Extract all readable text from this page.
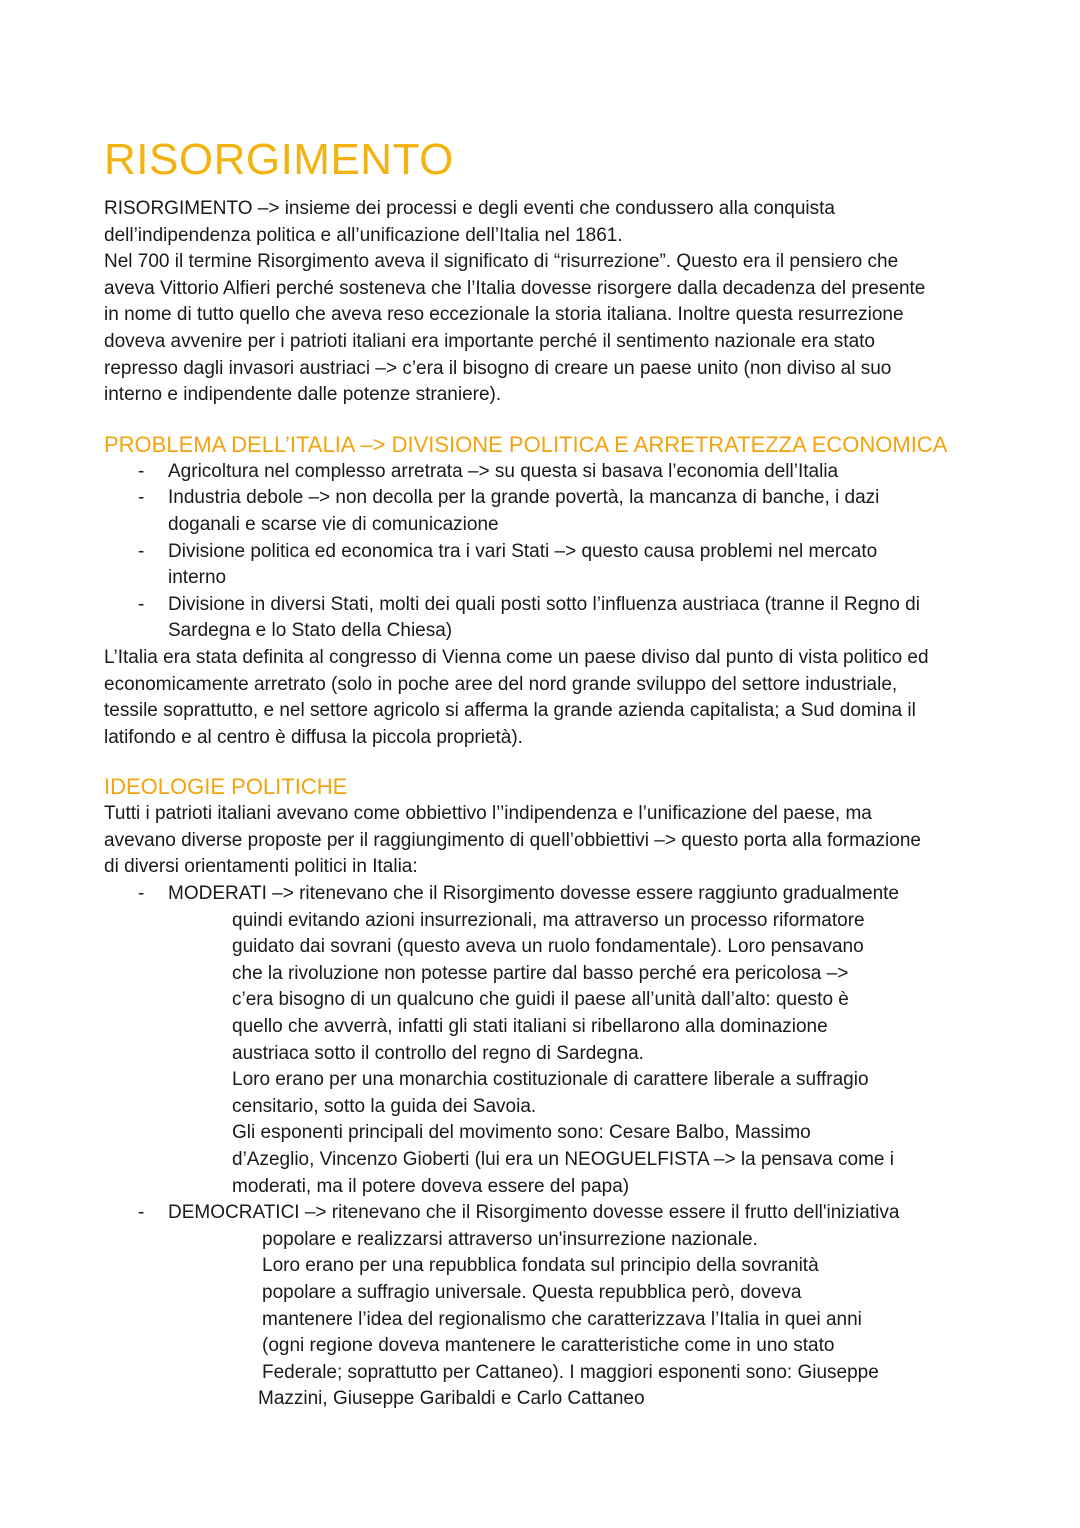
RISORGIMENTO

RISORGIMENTO –> insieme dei processi e degli eventi che condussero alla conquista

dell’indipendenza politica e all’unificazione dell’Italia nel 1861.

Nel 700 il termine Risorgimento aveva il significato di “risurrezione”. Questo era il pensiero che

aveva Vittorio Alfieri perché sosteneva che l’Italia dovesse risorgere dalla decadenza del presente

in nome di tutto quello che aveva reso eccezionale la storia italiana. Inoltre questa resurrezione

doveva avvenire per i patrioti italiani era importante perché il sentimento nazionale era stato

represso dagli invasori austriaci –> c’era il bisogno di creare un paese unito (non diviso al suo

interno e indipendente dalle potenze straniere).

PROBLEMA DELL’ITALIA –> DIVISIONE POLITICA E ARRETRATEZZA ECONOMICA
- Agricoltura nel complesso arretrata –> su questa si basava l’economia dell’Italia
- Industria debole –> non decolla per la grande povertà, la mancanza di banche, i dazi
doganali e scarse vie di comunicazione
- Divisione politica ed economica tra i vari Stati –> questo causa problemi nel mercato
interno
- Divisione in diversi Stati, molti dei quali posti sotto l’influenza austriaca (tranne il Regno di
Sardegna e lo Stato della Chiesa)

L’Italia era stata definita al congresso di Vienna come un paese diviso dal punto di vista politico ed

economicamente arretrato (solo in poche aree del nord grande sviluppo del settore industriale,

tessile soprattutto, e nel settore agricolo si afferma la grande azienda capitalista; a Sud domina il

latifondo e al centro è diffusa la piccola proprietà).

IDEOLOGIE POLITICHE

Tutti i patrioti italiani avevano come obbiettivo l’’indipendenza e l’unificazione del paese, ma

avevano diverse proposte per il raggiungimento di quell’obbiettivi –> questo porta alla formazione

di diversi orientamenti politici in Italia:

- MODERATI –> ritenevano che il Risorgimento dovesse essere raggiunto gradualmente
quindi evitando azioni insurrezionali, ma attraverso un processo riformatore
guidato dai sovrani (questo aveva un ruolo fondamentale). Loro pensavano
che la rivoluzione non potesse partire dal basso perché era pericolosa –>
c’era bisogno di un qualcuno che guidi il paese all’unità dall’alto: questo è
quello che avverrà, infatti gli stati italiani si ribellarono alla dominazione
austriaca sotto il controllo del regno di Sardegna.
Loro erano per una monarchia costituzionale di carattere liberale a suffragio
censitario, sotto la guida dei Savoia.
Gli esponenti principali del movimento sono: Cesare Balbo, Massimo
d’Azeglio, Vincenzo Gioberti (lui era un NEOGUELFISTA –> la pensava come i
moderati, ma il potere doveva essere del papa)
- DEMOCRATICI –> ritenevano che il Risorgimento dovesse essere il frutto dell'iniziativa
popolare e realizzarsi attraverso un'insurrezione nazionale.
Loro erano per una repubblica fondata sul principio della sovranità
popolare a suffragio universale. Questa repubblica però, doveva
mantenere l’idea del regionalismo che caratterizzava l’Italia in quei anni
(ogni regione doveva mantenere le caratteristiche come in uno stato
Federale; soprattutto per Cattaneo). I maggiori esponenti sono: Giuseppe
Mazzini, Giuseppe Garibaldi e Carlo Cattaneo
